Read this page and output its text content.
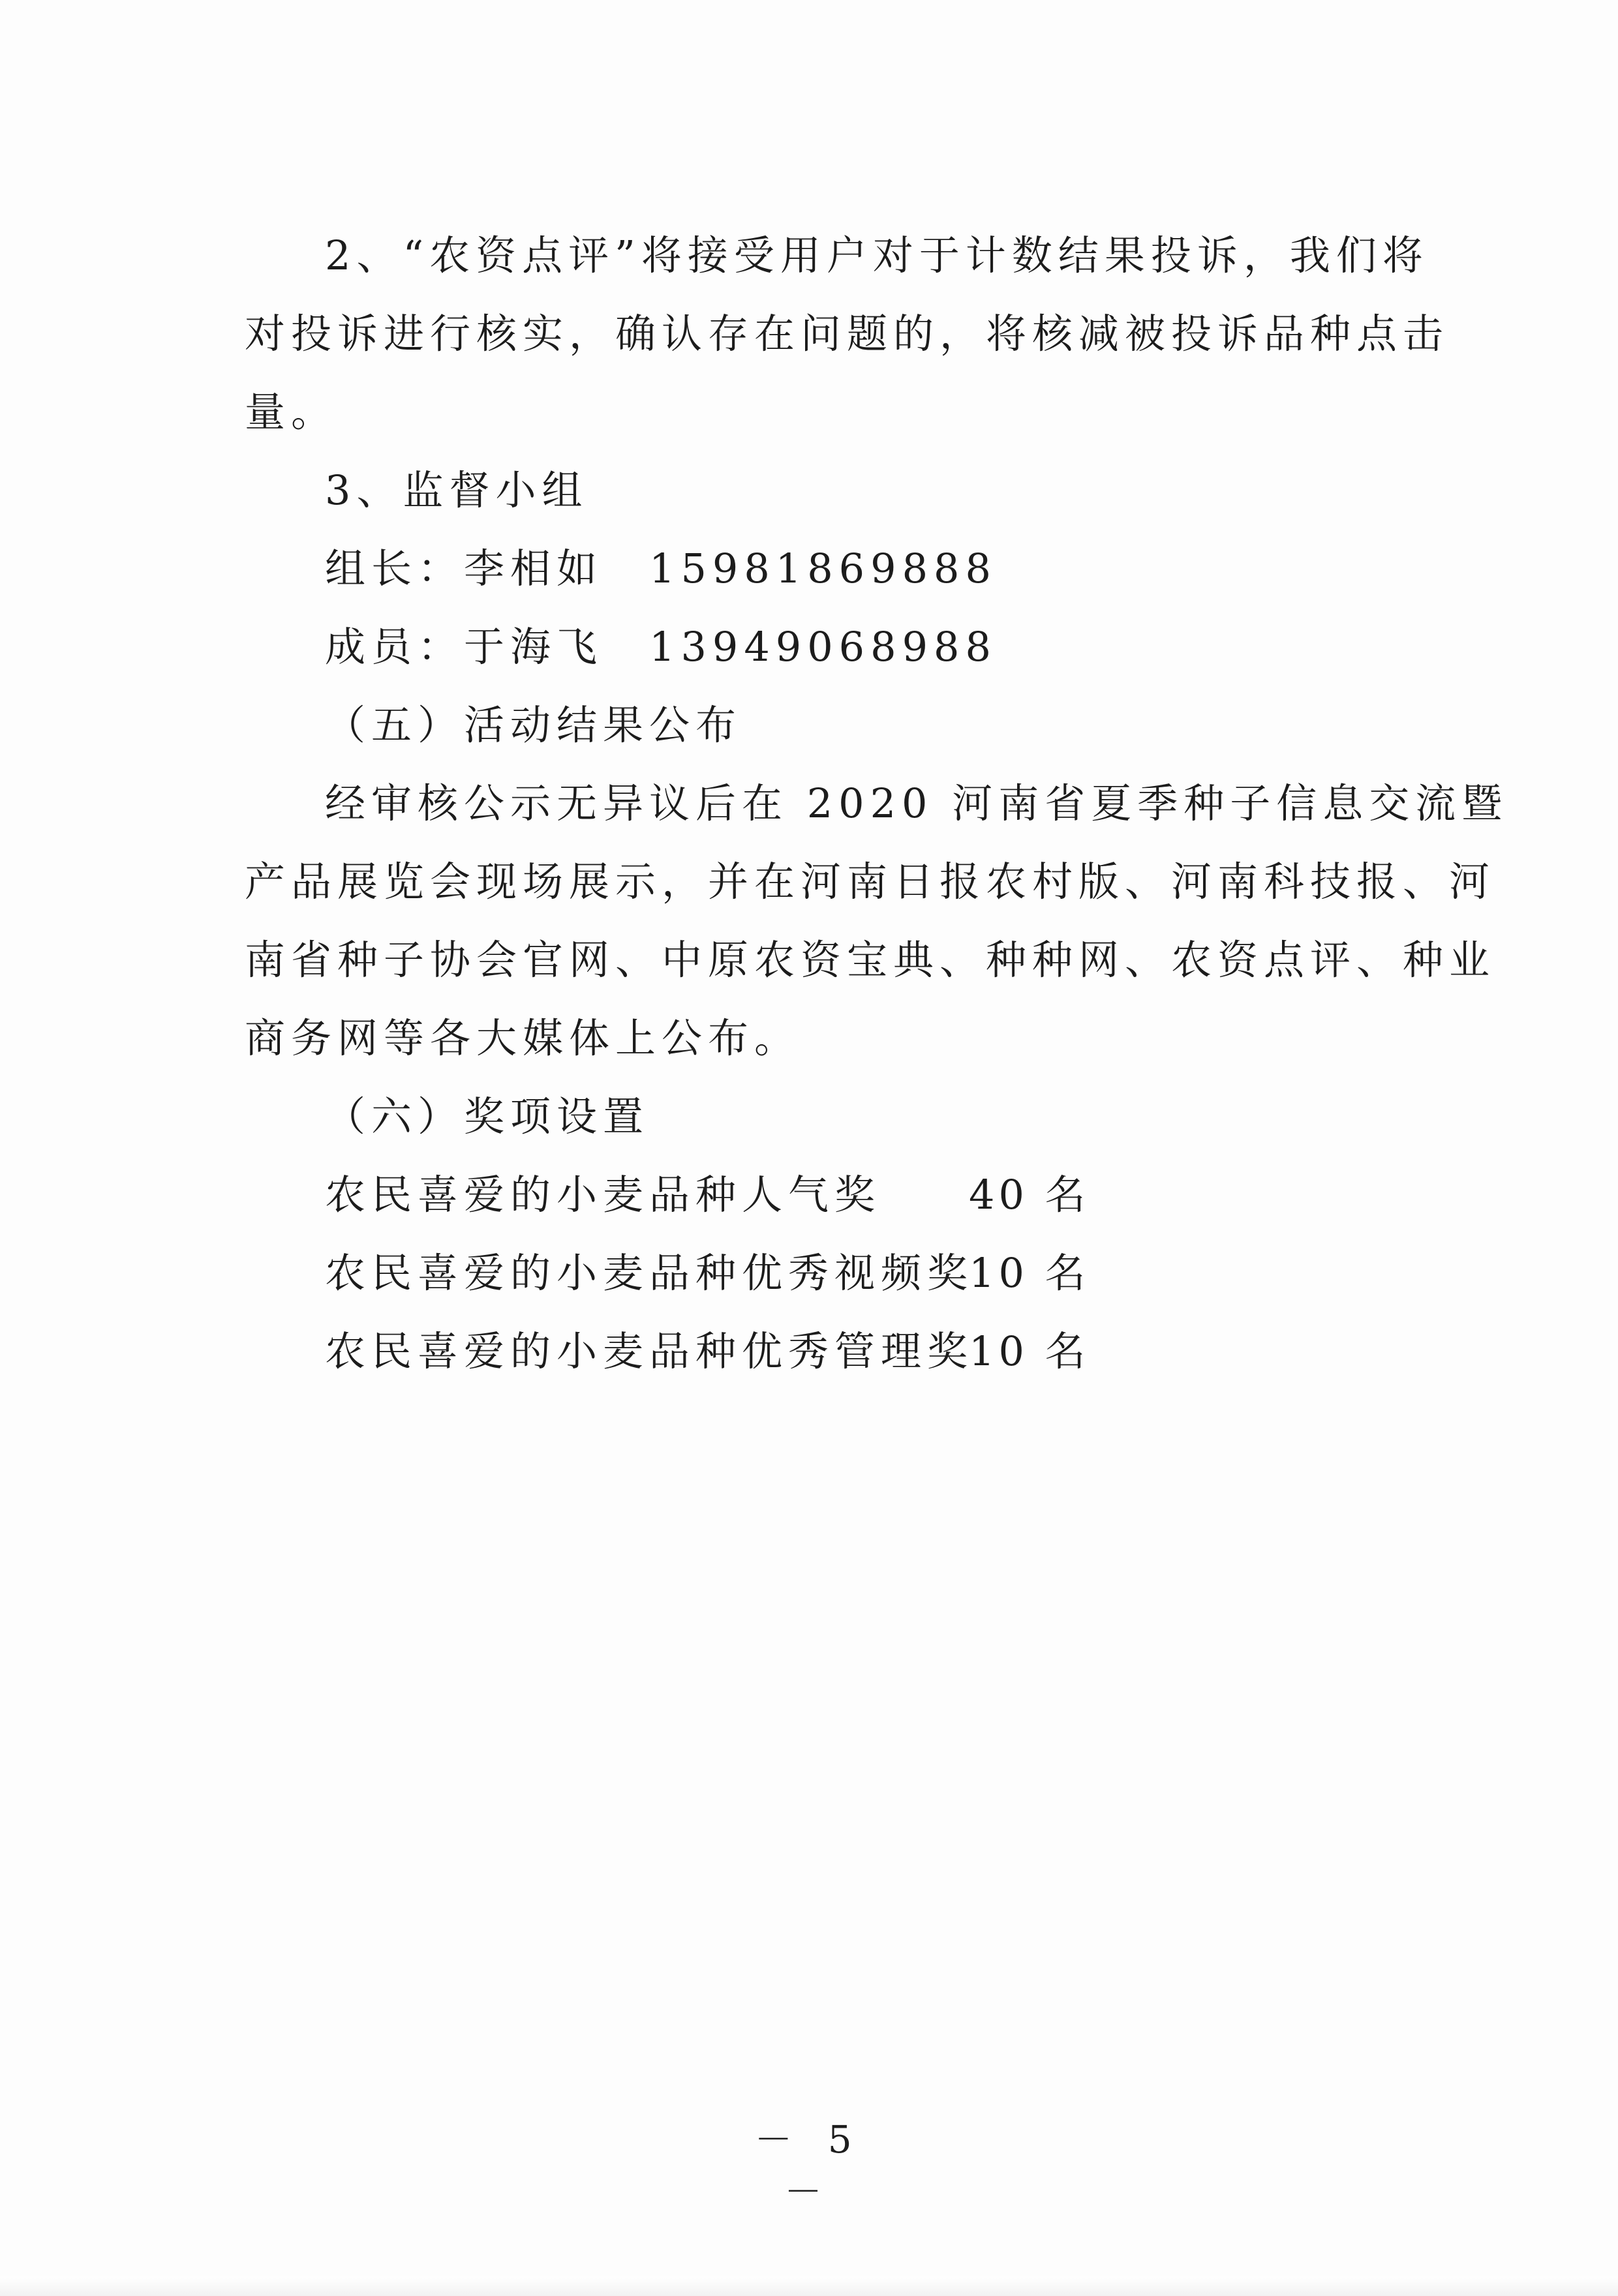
2、“农资点评”将接受用户对于计数结果投诉，我们将
对投诉进行核实，确认存在问题的，将核减被投诉品种点击
量。
3、监督小组
组长：李相如　15981869888
成员：于海飞　13949068988
（五）活动结果公布
经审核公示无异议后在 2020 河南省夏季种子信息交流暨
产品展览会现场展示，并在河南日报农村版、河南科技报、河
南省种子协会官网、中原农资宝典、种种网、农资点评、种业
商务网等各大媒体上公布。
（六）奖项设置
农民喜爱的小麦品种人气奖 40 名
农民喜爱的小麦品种优秀视频奖
10 名
农民喜爱的小麦品种优秀管理奖
10 名
－ 5 －
